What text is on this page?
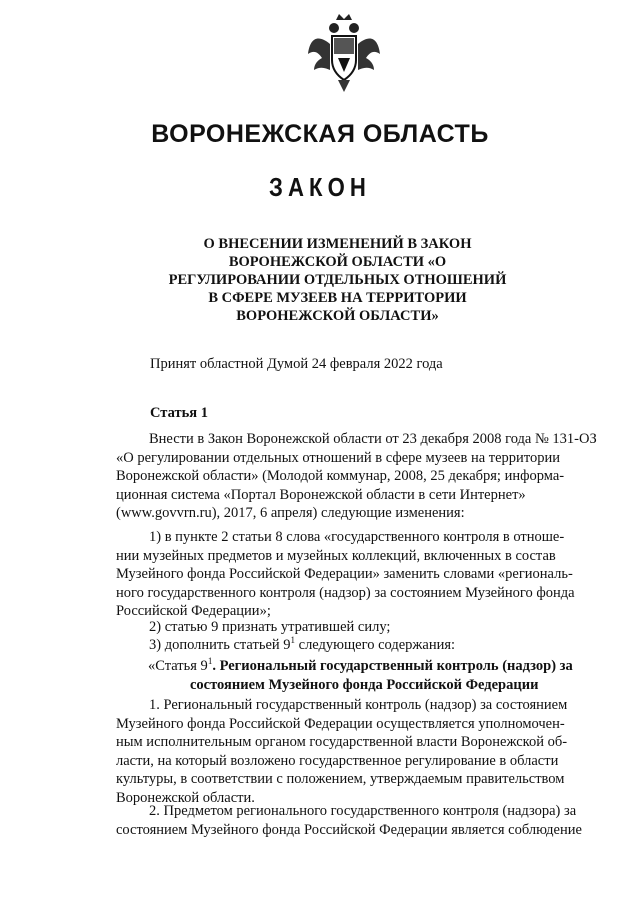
ВОРОНЕЖСКАЯ ОБЛАСТЬ
ЗАКОН
О ВНЕСЕНИИ ИЗМЕНЕНИЙ В ЗАКОН
ВОРОНЕЖСКОЙ ОБЛАСТИ «О
РЕГУЛИРОВАНИИ ОТДЕЛЬНЫХ ОТНОШЕНИЙ
В СФЕРЕ МУЗЕЕВ НА ТЕРРИТОРИИ
ВОРОНЕЖСКОЙ ОБЛАСТИ»

Принят областной Думой 24 февраля 2022 года

Статья 1

Внести в Закон Воронежской области от 23 декабря 2008 года № 131-ОЗ
«О регулировании отдельных отношений в сфере музеев на территории
Воронежской области» (Молодой коммунар, 2008, 25 декабря; информа-
ционная система «Портал Воронежской области в сети Интернет»
(www.govvrn.ru), 2017, 6 апреля) следующие изменения:
1) в пункте 2 статьи 8 слова «государственного контроля в отноше-
нии музейных предметов и музейных коллекций, включенных в состав
Музейного фонда Российской Федерации» заменить словами «региональ-
ного государственного контроля (надзор) за состоянием Музейного фонда
Российской Федерации»;
2) статью 9 признать утратившей силу;
3) дополнить статьей $9^1$ следующего содержания:
«Статья $9^1$. Региональный государственный контроль (надзор) за
состоянием Музейного фонда Российской Федерации
1. Региональный государственный контроль (надзор) за состоянием
Музейного фонда Российской Федерации осуществляется уполномочен-
ным исполнительным органом государственной власти Воронежской об-
ласти, на который возложено государственное регулирование в области
культуры, в соответствии с положением, утверждаемым правительством
Воронежской области.
2. Предметом регионального государственного контроля (надзора) за
состоянием Музейного фонда Российской Федерации является соблюдение
